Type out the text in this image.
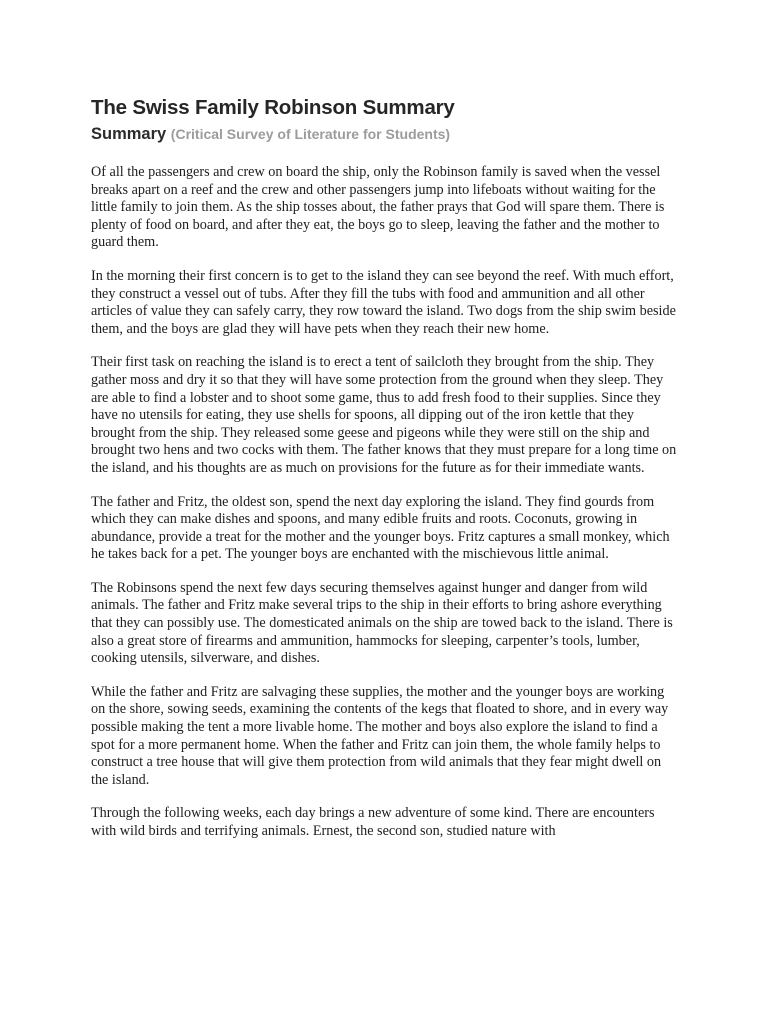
The Swiss Family Robinson Summary
Summary (Critical Survey of Literature for Students)

Of all the passengers and crew on board the ship, only the Robinson family is saved when the vessel breaks apart on a reef and the crew and other passengers jump into lifeboats without waiting for the little family to join them. As the ship tosses about, the father prays that God will spare them. There is plenty of food on board, and after they eat, the boys go to sleep, leaving the father and the mother to guard them.

In the morning their first concern is to get to the island they can see beyond the reef. With much effort, they construct a vessel out of tubs. After they fill the tubs with food and ammunition and all other articles of value they can safely carry, they row toward the island. Two dogs from the ship swim beside them, and the boys are glad they will have pets when they reach their new home.

Their first task on reaching the island is to erect a tent of sailcloth they brought from the ship. They gather moss and dry it so that they will have some protection from the ground when they sleep. They are able to find a lobster and to shoot some game, thus to add fresh food to their supplies. Since they have no utensils for eating, they use shells for spoons, all dipping out of the iron kettle that they brought from the ship. They released some geese and pigeons while they were still on the ship and brought two hens and two cocks with them. The father knows that they must prepare for a long time on the island, and his thoughts are as much on provisions for the future as for their immediate wants.

The father and Fritz, the oldest son, spend the next day exploring the island. They find gourds from which they can make dishes and spoons, and many edible fruits and roots. Coconuts, growing in abundance, provide a treat for the mother and the younger boys. Fritz captures a small monkey, which he takes back for a pet. The younger boys are enchanted with the mischievous little animal.

The Robinsons spend the next few days securing themselves against hunger and danger from wild animals. The father and Fritz make several trips to the ship in their efforts to bring ashore everything that they can possibly use. The domesticated animals on the ship are towed back to the island. There is also a great store of firearms and ammunition, hammocks for sleeping, carpenter’s tools, lumber, cooking utensils, silverware, and dishes.

While the father and Fritz are salvaging these supplies, the mother and the younger boys are working on the shore, sowing seeds, examining the contents of the kegs that floated to shore, and in every way possible making the tent a more livable home. The mother and boys also explore the island to find a spot for a more permanent home. When the father and Fritz can join them, the whole family helps to construct a tree house that will give them protection from wild animals that they fear might dwell on the island.

Through the following weeks, each day brings a new adventure of some kind. There are encounters with wild birds and terrifying animals. Ernest, the second son, studied nature with
